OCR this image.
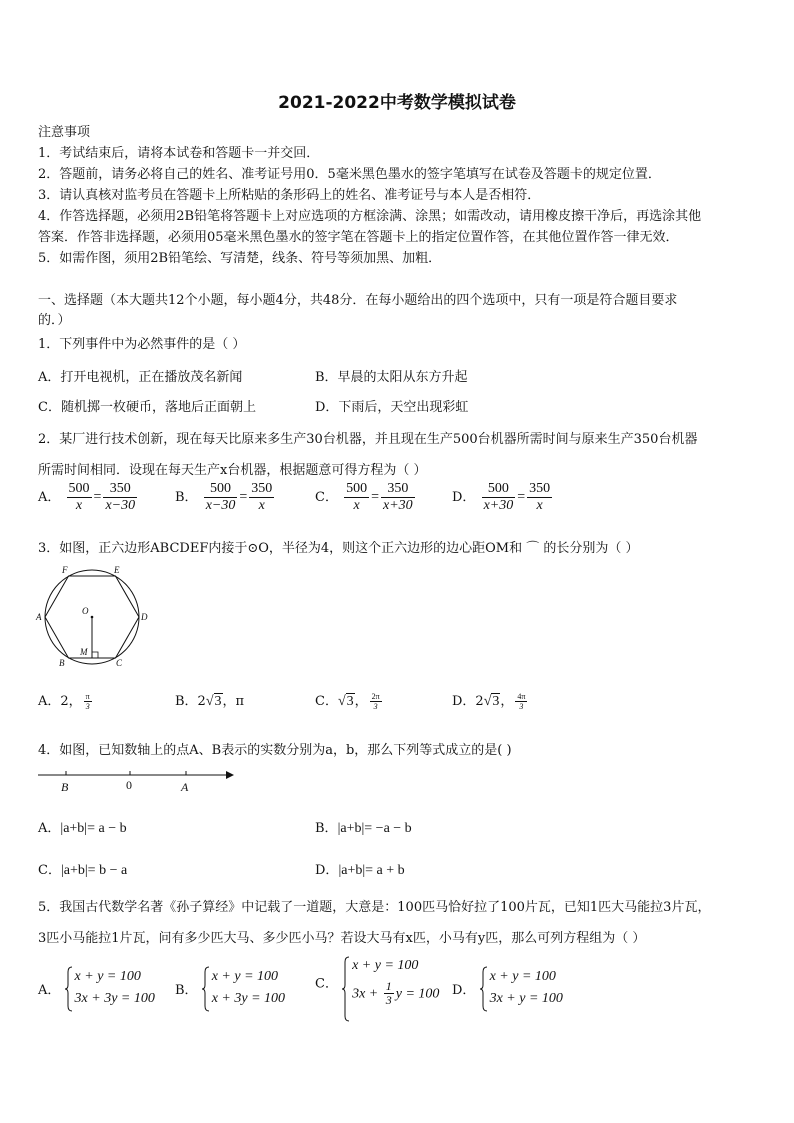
2021-2022中考数学模拟试卷
注意事项
1．考试结束后，请将本试卷和答题卡一并交回．
2．答题前，请务必将自己的姓名、准考证号用0．5毫米黑色墨水的签字笔填写在试卷及答题卡的规定位置．
3．请认真核对监考员在答题卡上所粘贴的条形码上的姓名、准考证号与本人是否相符．
4．作答选择题，必须用2B铅笔将答题卡上对应选项的方框涂满、涂黑；如需改动，请用橡皮擦干净后，再选涂其他
答案．作答非选择题，必须用05毫米黑色墨水的签字笔在答题卡上的指定位置作答，在其他位置作答一律无效．
5．如需作图，须用2B铅笔绘、写清楚，线条、符号等须加黑、加粗．
一、选择题（本大题共12个小题，每小题4分，共48分．在每小题给出的四个选项中，只有一项是符合题目要求
的．）
1．下列事件中为必然事件的是（ ）
A．打开电视机，正在播放茂名新闻	B．早晨的太阳从东方升起
C．随机掷一枚硬币，落地后正面朝上	D．下雨后，天空出现彩虹
2．某厂进行技术创新，现在每天比原来多生产30台机器，并且现在生产500台机器所需时间与原来生产350台机器
所需时间相同．设现在每天生产x台机器，根据题意可得方程为（ ）
A． $\frac{500}{x} = \frac{350}{x-30}$	B． $\frac{500}{x-30} = \frac{350}{x}$	C． $\frac{500}{x} = \frac{350}{x+30}$	D． $\frac{500}{x+30} = \frac{350}{x}$
3．如图，正六边形ABCDEF内接于⊙O，半径为4，则这个正六边形的边心距OM和 ⌒ 的长分别为（ ）
F	E
A	D
O
B
M
C
A．2， $\frac{\pi}{3}$	B．2√3，π	C．√3， $\frac{2\pi}{3}$	D．2√3， $\frac{4\pi}{3}$
4．如图，已知数轴上的点A、B表示的实数分别为a，b，那么下列等式成立的是( )
B	0	A
A．|a+b|= a − b	B．|a+b|= −a − b
C．|a+b|= b − a	D．|a+b|= a + b
5．我国古代数学名著《孙子算经》中记载了一道题，大意是：100匹马恰好拉了100片瓦，已知1匹大马能拉3片瓦，
3匹小马能拉1片瓦，问有多少匹大马、多少匹小马？若设大马有x匹，小马有y匹，那么可列方程组为（ ）
A．
x + y = 100
3x + 3y = 100
B．
x + y = 100
x + 3y = 100
C．
x + y = 100
$3x + \frac{1}{3}$ y = 100 D．
x + y = 100
3x + y = 100
